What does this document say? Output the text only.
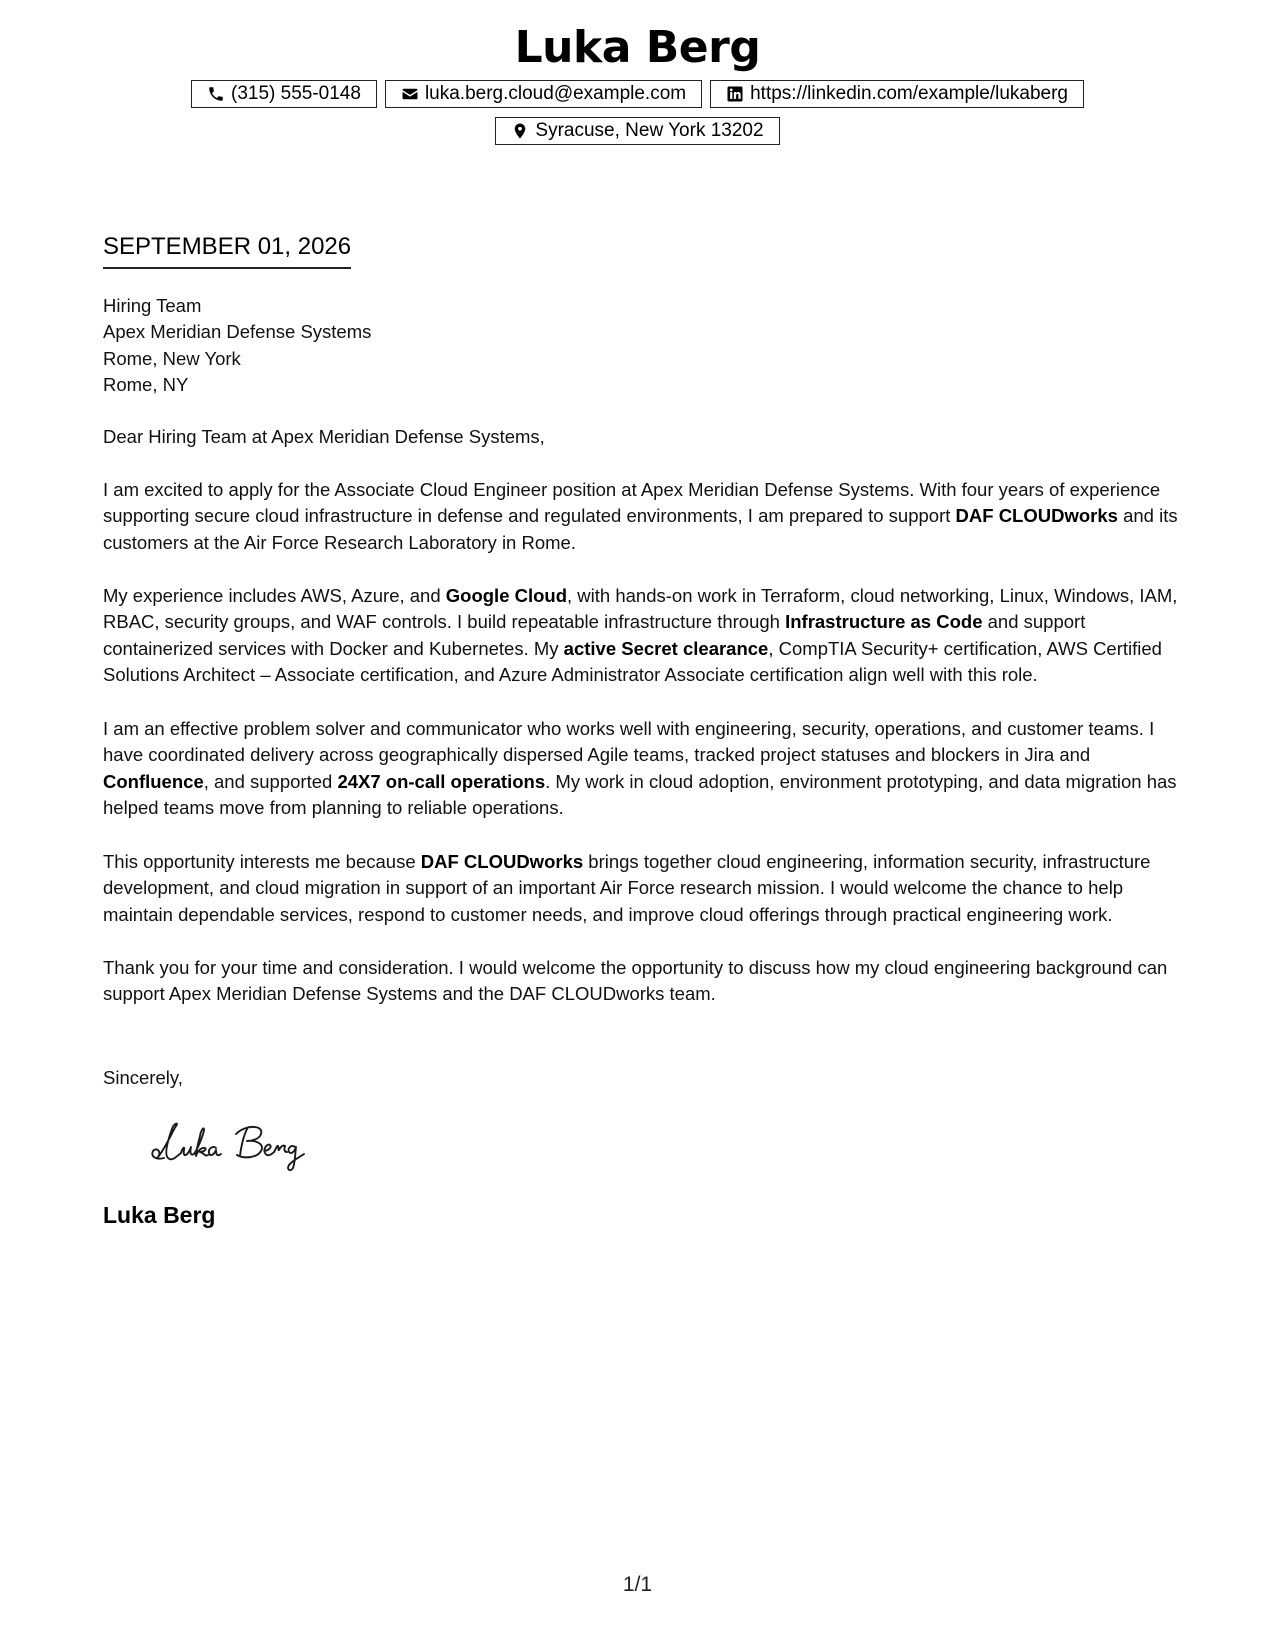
Luka Berg
(315) 555-0148
	luka.berg.cloud@example.com
	https://linkedin.com/example/lukaberg
Syracuse, New York 13202
SEPTEMBER 01, 2026
Hiring Team
Apex Meridian Defense Systems
Rome, New York
Rome, NY
Dear Hiring Team at Apex Meridian Defense Systems,

I am excited to apply for the Associate Cloud Engineer position at Apex Meridian Defense Systems. With four years of experience supporting secure cloud infrastructure in defense and regulated environments, I am prepared to support DAF CLOUDworks and its customers at the Air Force Research Laboratory in Rome.

My experience includes AWS, Azure, and Google Cloud, with hands-on work in Terraform, cloud networking, Linux, Windows, IAM, RBAC, security groups, and WAF controls. I build repeatable infrastructure through Infrastructure as Code and support containerized services with Docker and Kubernetes. My active Secret clearance, CompTIA Security+ certification, AWS Certified Solutions Architect – Associate certification, and Azure Administrator Associate certification align well with this role.

I am an effective problem solver and communicator who works well with engineering, security, operations, and customer teams. I have coordinated delivery across geographically dispersed Agile teams, tracked project statuses and blockers in Jira and Confluence, and supported 24X7 on-call operations. My work in cloud adoption, environment prototyping, and data migration has helped teams move from planning to reliable operations.

This opportunity interests me because DAF CLOUDworks brings together cloud engineering, information security, infrastructure development, and cloud migration in support of an important Air Force research mission. I would welcome the chance to help maintain dependable services, respond to customer needs, and improve cloud offerings through practical engineering work.

Thank you for your time and consideration. I would welcome the opportunity to discuss how my cloud engineering background can support Apex Meridian Defense Systems and the DAF CLOUDworks team.

Sincerely,
Luka Berg
1/1
